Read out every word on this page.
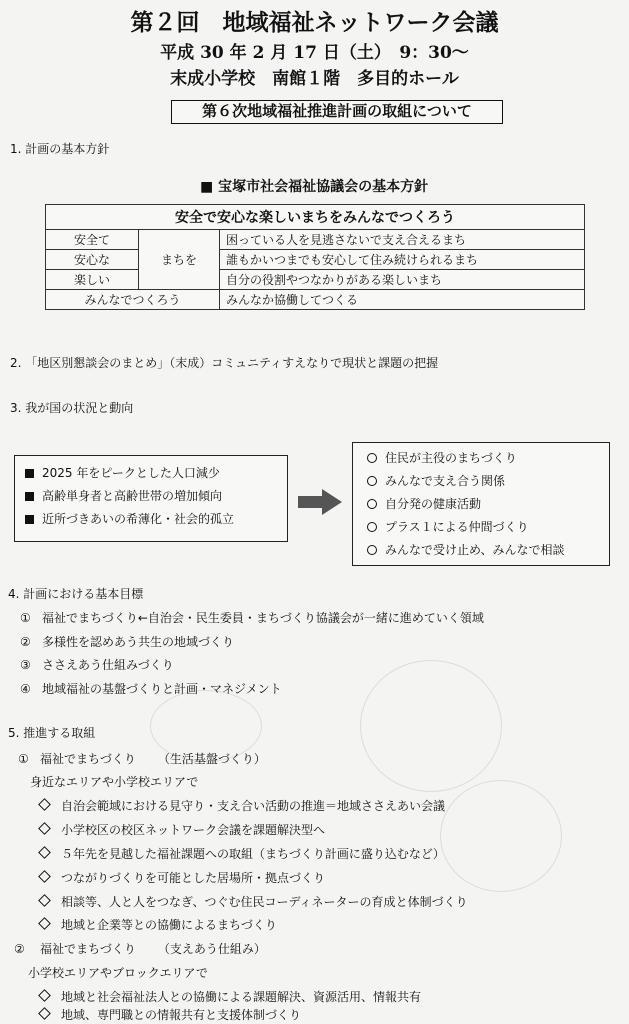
第２回　地域福祉ネットワーク会議
平成 30 年 2 月 17 日（土）　9：30～
末成小学校　南館１階　多目的ホール
第６次地域福祉推進計画の取組について
1. 計画の基本方針
■ 宝塚市社会福祉協議会の基本方針
安全で安心な楽しいまちをみんなでつくろう		
安全て	まちを	困っている人を見逃さないで支え合えるまち
安心な		誰もかいつまでも安心して住み続けられるまち
楽しい		自分の役割やつなかりがある楽しいまち
みんなでつくろう		みんなか協働してつくる
2. 「地区別懇談会のまとめ」（末成）コミュニティすえなりで現状と課題の把握
3. 我が国の状況と動向
2025 年をピークとした人口減少
高齢単身者と高齢世帯の増加傾向
近所づきあいの希薄化・社会的孤立
住民が主役のまちづくり
みんなで支え合う関係
自分発の健康活動
プラス１による仲間づくり
みんなで受け止め、みんなで相談
4. 計画における基本目標
① 福祉でまちづくり←自治会・民生委員・まちづくり協議会が一緒に進めていく領域
② 多様性を認めあう共生の地域づくり
③ ささえあう仕組みづくり
④ 地域福祉の基盤づくりと計画・マネジメント
5. 推進する取組
① 福祉でまちづくり （生活基盤づくり）
身近なエリアや小学校エリアで
自治会範域における見守り・支え合い活動の推進＝地域ささえあい会議
小学校区の校区ネットワーク会議を課題解決型へ
５年先を見越した福祉課題への取組（まちづくり計画に盛り込むなど）
つながりづくりを可能とした居場所・拠点づくり
相談等、人と人をつなぎ、つぐむ住民コーディネーターの育成と体制づくり
地域と企業等との協働によるまちづくり
② 福祉でまちづくり （支えあう仕組み）
小学校エリアやブロックエリアで
地域と社会福祉法人との協働による課題解決、資源活用、情報共有
地域、専門職との情報共有と支援体制づくり
